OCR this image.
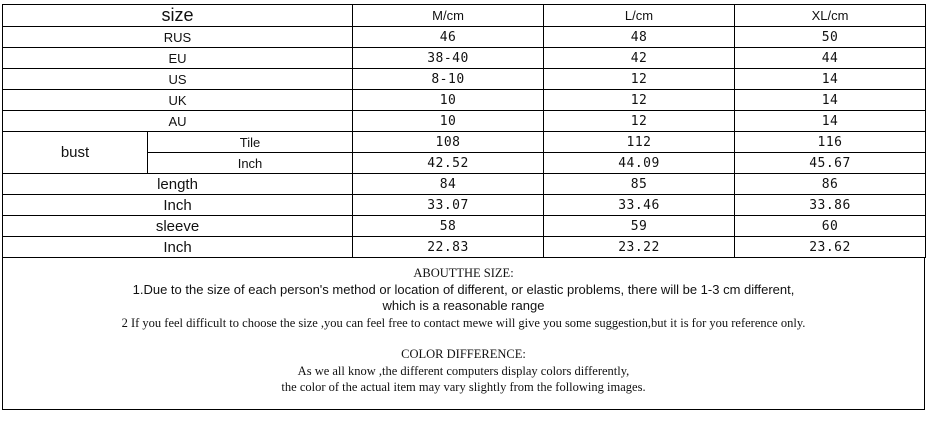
size		M/cm	L/cm	XL/cm
RUS		46	48	50
EU		38-40	42	44
US		8-10	12	14
UK		10	12	14
AU		10	12	14
bust	Tile	108	112	116
	Inch	42.52	44.09	45.67
length		84	85	86
Inch		33.07	33.46	33.86
sleeve		58	59	60
Inch		22.83	23.22	23.62
ABOUTTHE SIZE:
1.Due to the size of each person's method or location of different, or elastic problems, there will be 1-3 cm different,
which is a reasonable range
2 If you feel difficult to choose the size ,you can feel free to contact mewe will give you some suggestion,but it is for you reference only.
COLOR DIFFERENCE:
As we all know ,the different computers display colors differently,
the color of the actual item may vary slightly from the following images.
